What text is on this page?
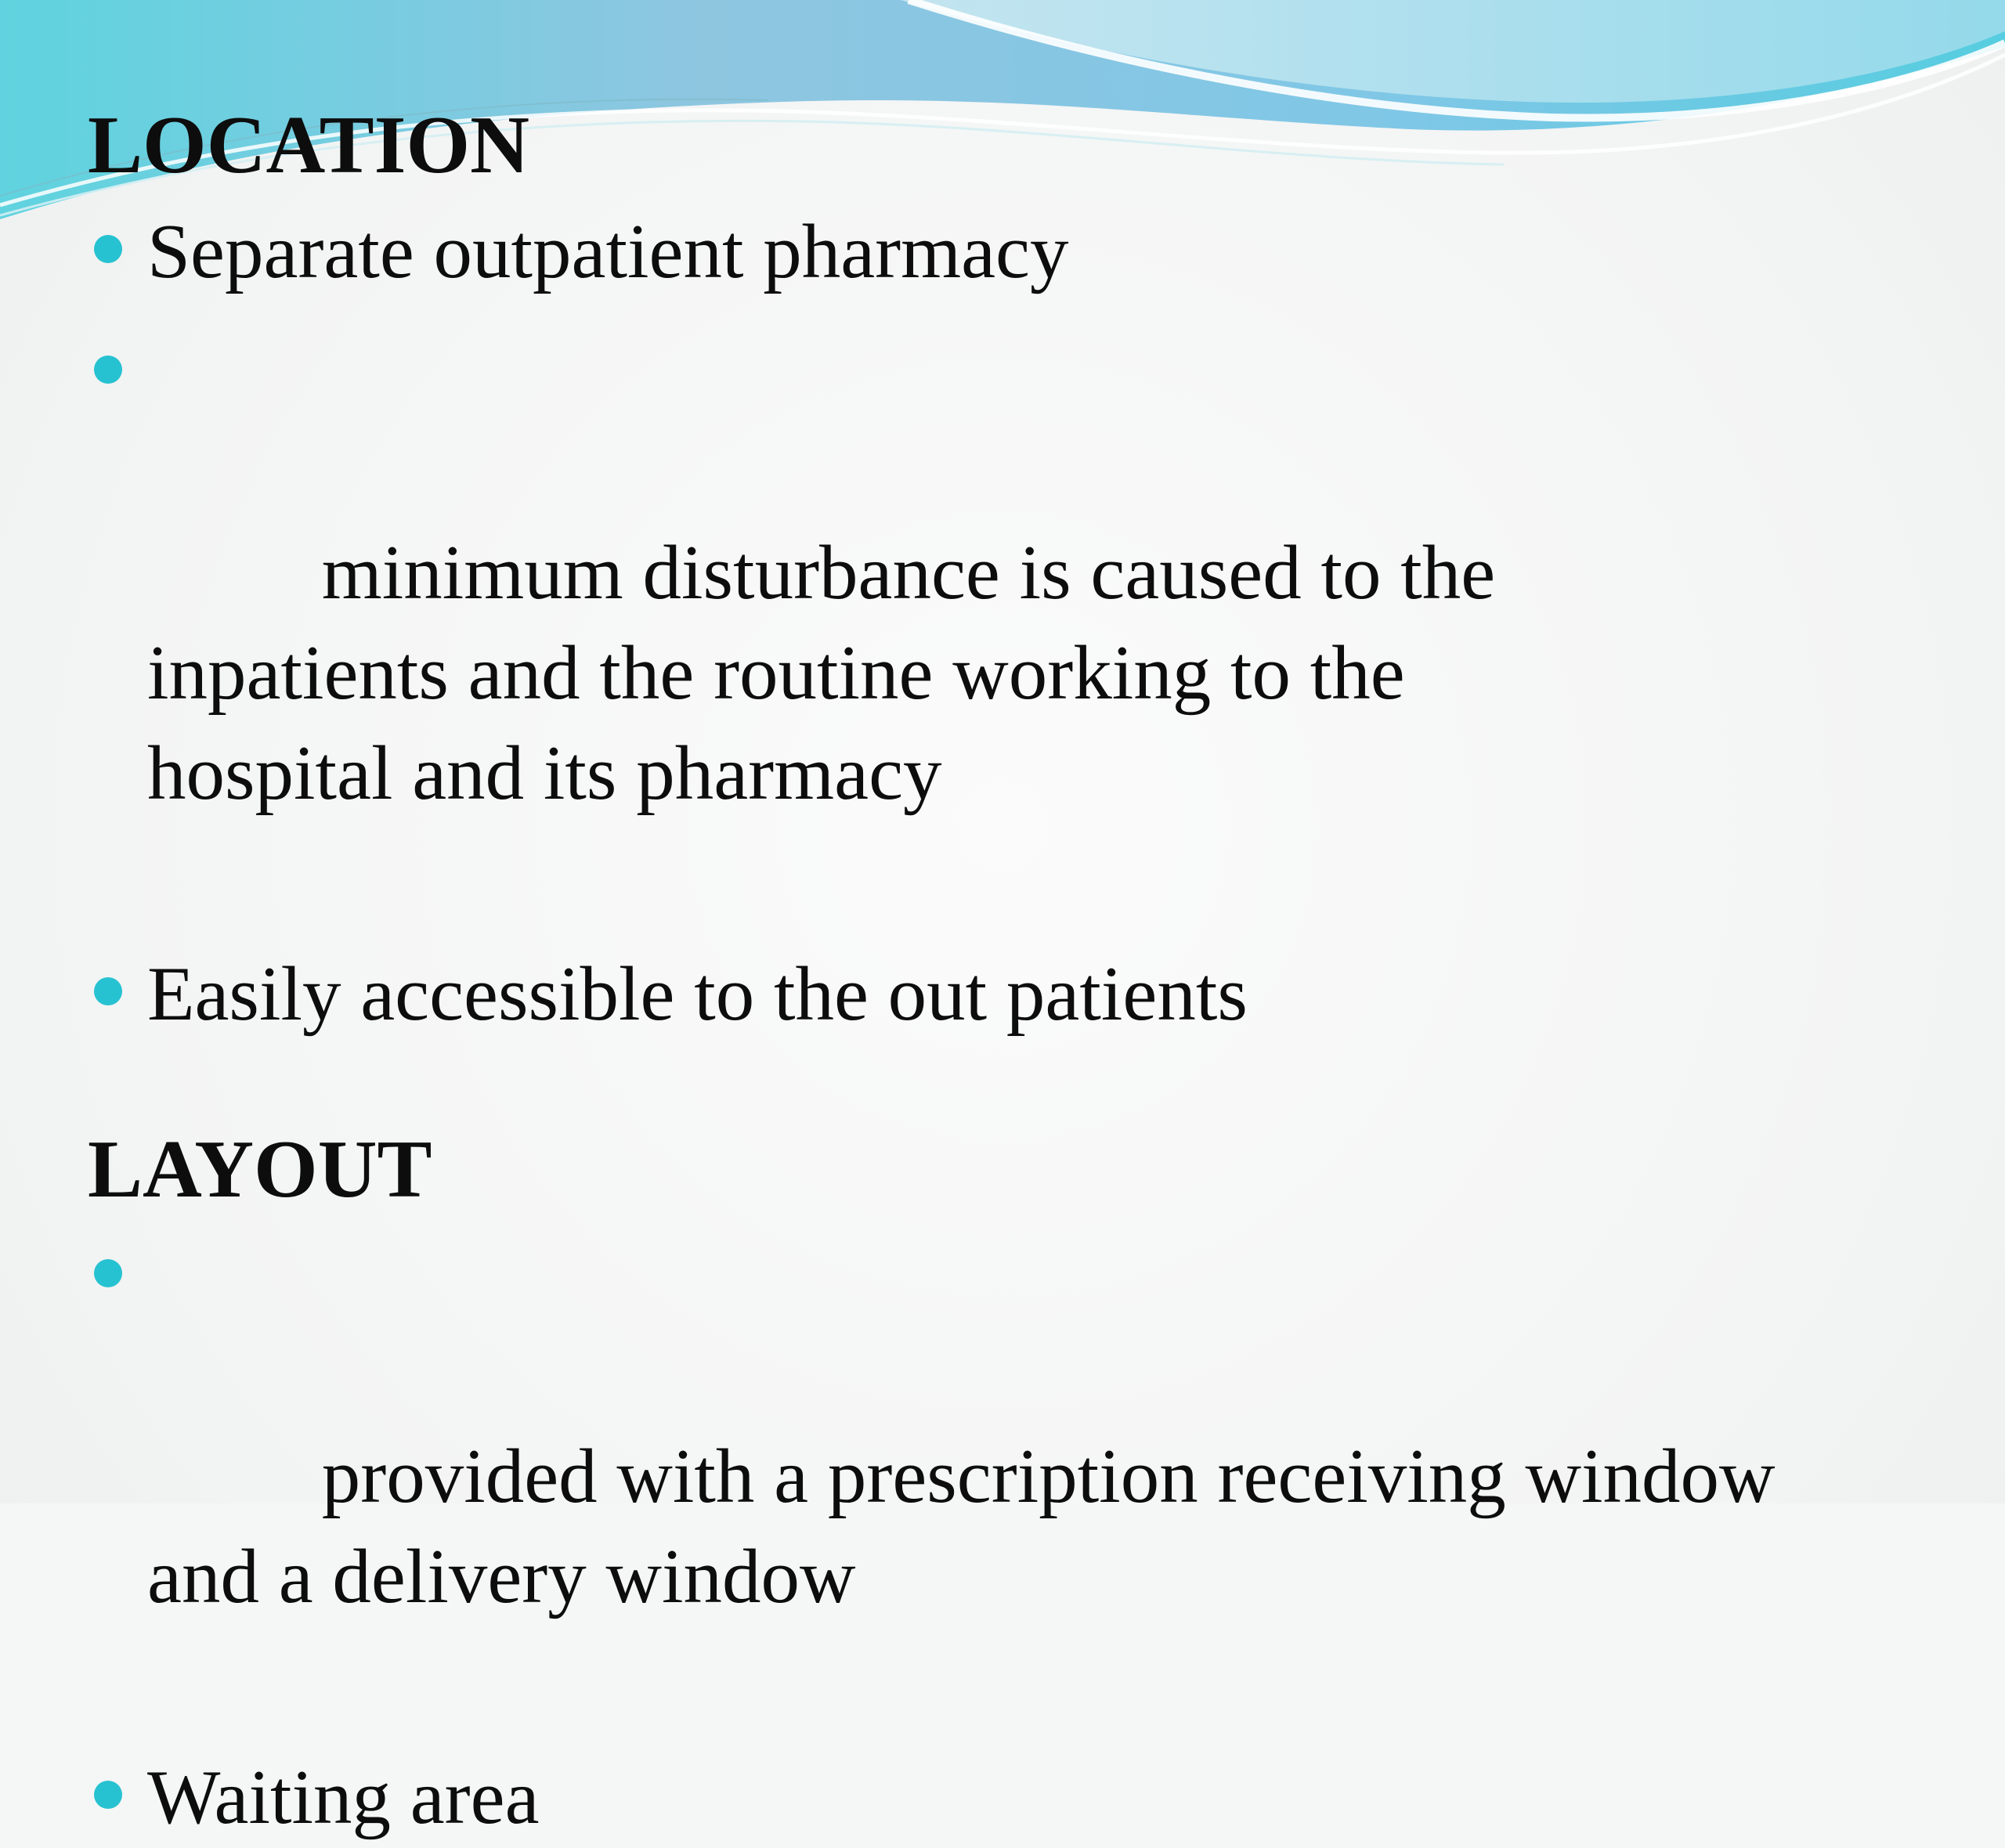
LOCATION
Separate outpatient pharmacy

minimum disturbance is caused to the inpatients and the routine working to the hospital and its pharmacy

Easily accessible to the out patients
LAYOUT

provided with a prescription receiving window and a delivery window

Waiting area
